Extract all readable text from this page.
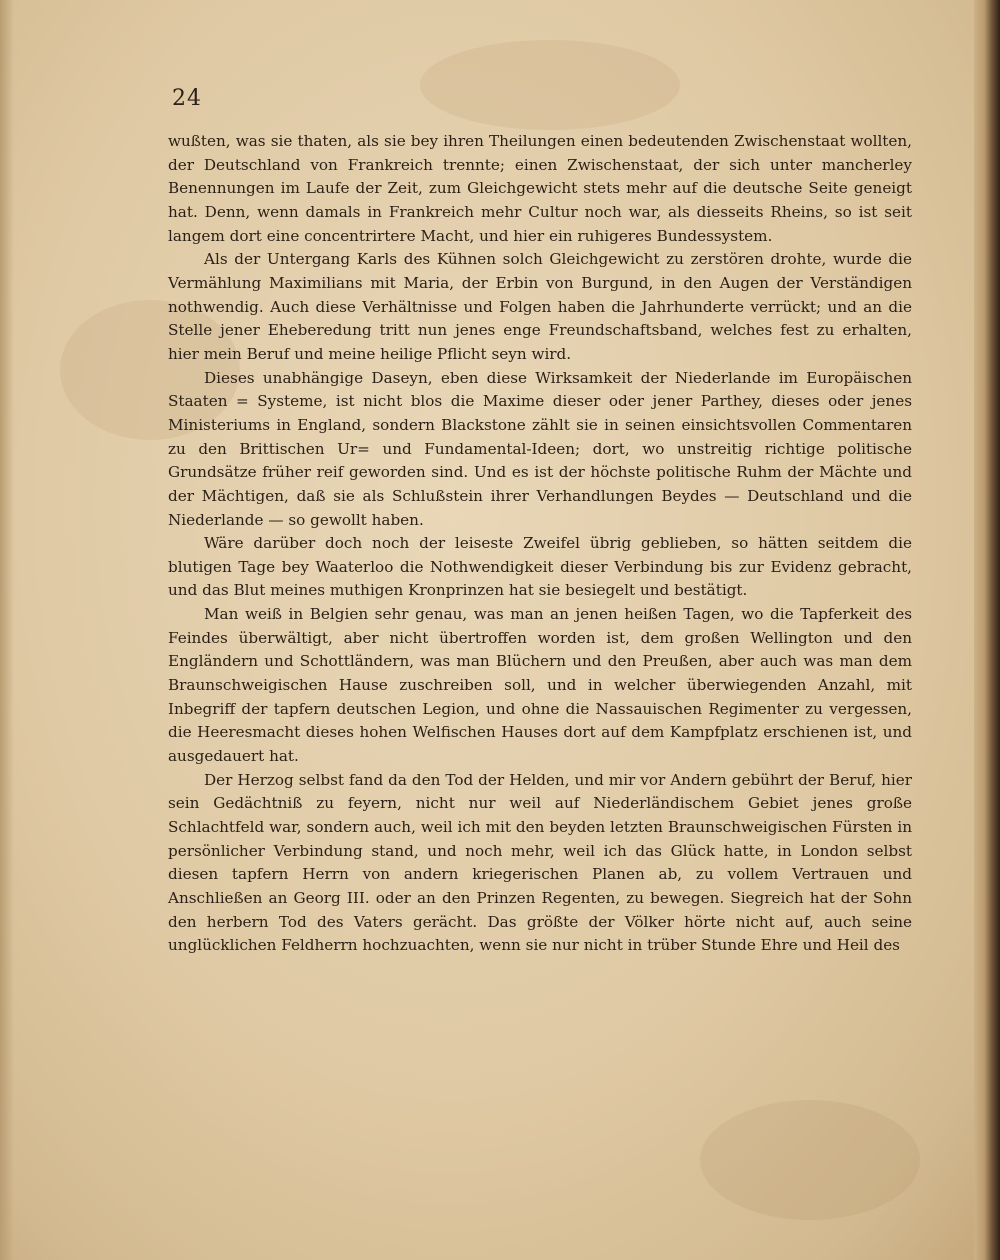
24

wußten, was sie thaten, als sie bey ihren Theilungen einen bedeutenden Zwischenstaat wollten, der Deutschland von Frankreich trennte; einen Zwischenstaat, der sich unter mancherley Benennungen im Laufe der Zeit, zum Gleichgewicht stets mehr auf die deutsche Seite geneigt hat. Denn, wenn damals in Frankreich mehr Cultur noch war, als diesseits Rheins, so ist seit langem dort eine concentrirtere Macht, und hier ein ruhigeres Bundessystem.

Als der Untergang Karls des Kühnen solch Gleichgewicht zu zerstören drohte, wurde die Vermählung Maximilians mit Maria, der Erbin von Burgund, in den Augen der Verständigen nothwendig. Auch diese Verhältnisse und Folgen haben die Jahrhunderte verrückt; und an die Stelle jener Eheberedung tritt nun jenes enge Freundschaftsband, welches fest zu erhalten, hier mein Beruf und meine heilige Pflicht seyn wird.

Dieses unabhängige Daseyn, eben diese Wirksamkeit der Niederlande im Europäischen Staaten = Systeme, ist nicht blos die Maxime dieser oder jener Parthey, dieses oder jenes Ministeriums in England, sondern Blackstone zählt sie in seinen einsichtsvollen Commentaren zu den Brittischen Ur= und Fundamental-Ideen; dort, wo unstreitig richtige politische Grundsätze früher reif geworden sind. Und es ist der höchste politische Ruhm der Mächte und der Mächtigen, daß sie als Schlußstein ihrer Verhandlungen Beydes — Deutschland und die Niederlande — so gewollt haben.

Wäre darüber doch noch der leiseste Zweifel übrig geblieben, so hätten seitdem die blutigen Tage bey Waaterloo die Nothwendigkeit dieser Verbindung bis zur Evidenz gebracht, und das Blut meines muthigen Kronprinzen hat sie besiegelt und bestätigt.

Man weiß in Belgien sehr genau, was man an jenen heißen Tagen, wo die Tapferkeit des Feindes überwältigt, aber nicht übertroffen worden ist, dem großen Wellington und den Engländern und Schottländern, was man Blüchern und den Preußen, aber auch was man dem Braunschweigischen Hause zuschreiben soll, und in welcher überwiegenden Anzahl, mit Inbegriff der tapfern deutschen Legion, und ohne die Nassauischen Regimenter zu vergessen, die Heeresmacht dieses hohen Welfischen Hauses dort auf dem Kampfplatz erschienen ist, und ausgedauert hat.

Der Herzog selbst fand da den Tod der Helden, und mir vor Andern gebührt der Beruf, hier sein Gedächtniß zu feyern, nicht nur weil auf Niederländischem Gebiet jenes große Schlachtfeld war, sondern auch, weil ich mit den beyden letzten Braunschweigischen Fürsten in persönlicher Verbindung stand, und noch mehr, weil ich das Glück hatte, in London selbst diesen tapfern Herrn von andern kriegerischen Planen ab, zu vollem Vertrauen und Anschließen an Georg III. oder an den Prinzen Regenten, zu bewegen. Siegreich hat der Sohn den herbern Tod des Vaters gerächt. Das größte der Völker hörte nicht auf, auch seine unglücklichen Feldherrn hochzuachten, wenn sie nur nicht in trüber Stunde Ehre und Heil des
